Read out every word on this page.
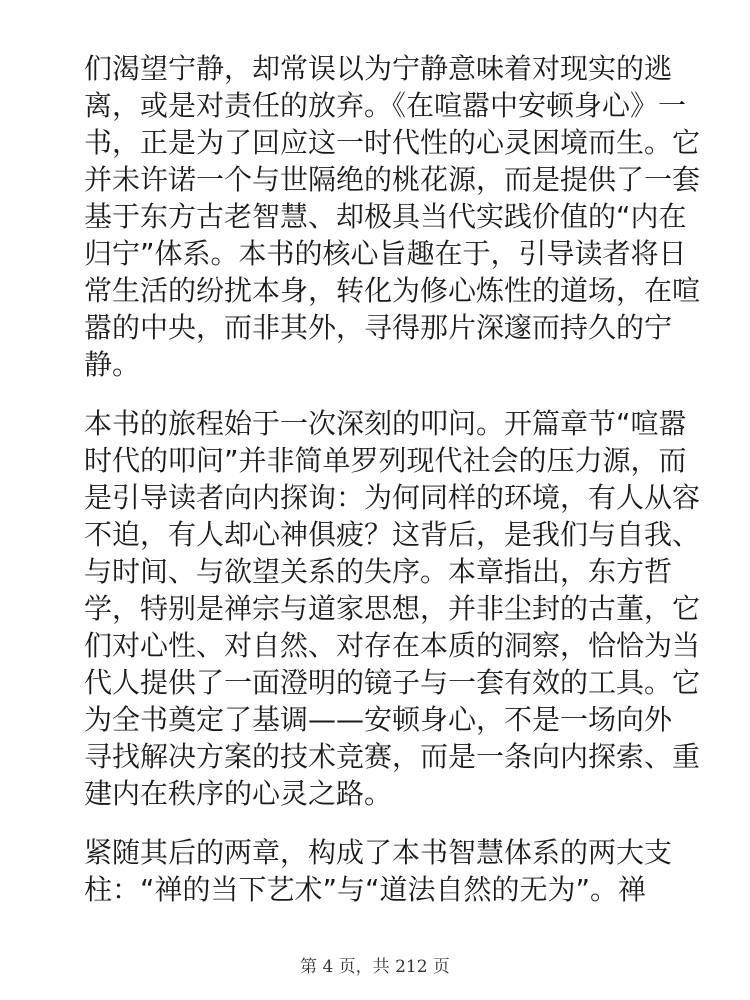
们渴望宁静，却常误以为宁静意味着对现实的逃
离，或是对责任的放弃。《在喧嚣中安顿身心》一
书，正是为了回应这一时代性的心灵困境而生。它
并未许诺一个与世隔绝的桃花源，而是提供了一套
基于东方古老智慧、却极具当代实践价值的“内在
归宁”体系。本书的核心旨趣在于，引导读者将日
常生活的纷扰本身，转化为修心炼性的道场，在喧
嚣的中央，而非其外，寻得那片深邃而持久的宁
静。
本书的旅程始于一次深刻的叩问。开篇章节“喧嚣
时代的叩问”并非简单罗列现代社会的压力源，而
是引导读者向内探询：为何同样的环境，有人从容
不迫，有人却心神俱疲？这背后，是我们与自我、
与时间、与欲望关系的失序。本章指出，东方哲
学，特别是禅宗与道家思想，并非尘封的古董，它
们对心性、对自然、对存在本质的洞察，恰恰为当
代人提供了一面澄明的镜子与一套有效的工具。它
为全书奠定了基调——安顿身心，不是一场向外
寻找解决方案的技术竞赛，而是一条向内探索、重
建内在秩序的心灵之路。
紧随其后的两章，构成了本书智慧体系的两大支
柱：“禅的当下艺术”与“道法自然的无为”。禅
第 4 页，共 212 页
